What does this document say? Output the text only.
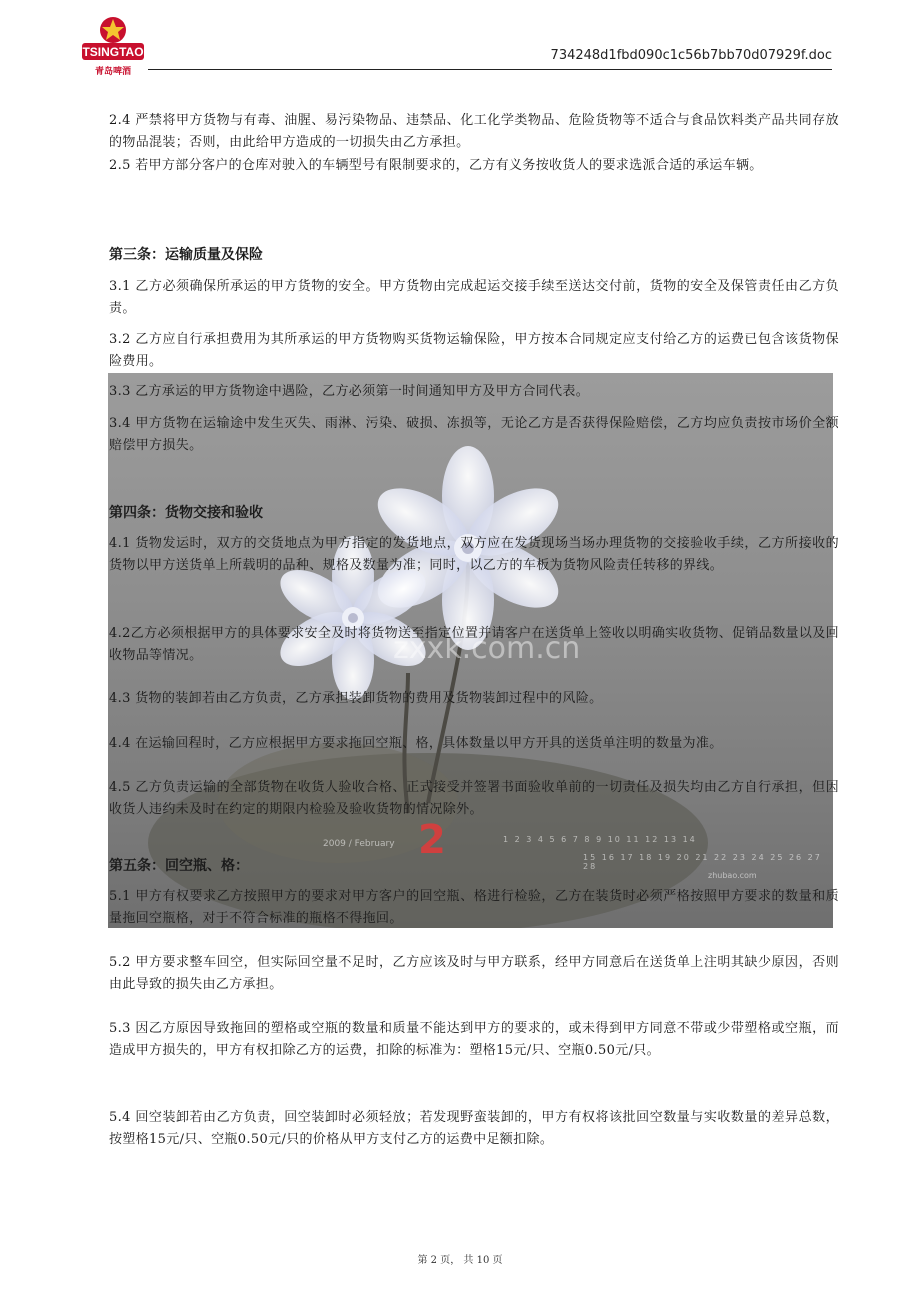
TSINGTAO
青岛啤酒
734248d1fbd090c1c56b7bb70d07929f.doc
2
zxxk.com.cn
2009 / February	1 2 3 4 5 6 7 8 9 10 11 12 13 14
15 16 17 18 19 20 21 22 23 24 25 26 27 28
zhubao.com

2.4 严禁将甲方货物与有毒、油腥、易污染物品、违禁品、化工化学类物品、危险货物等不适合与食品饮料类产品共同存放的物品混装；否则，由此给甲方造成的一切损失由乙方承担。

2.5 若甲方部分客户的仓库对驶入的车辆型号有限制要求的，乙方有义务按收货人的要求选派合适的承运车辆。

第三条：运输质量及保险

3.1 乙方必须确保所承运的甲方货物的安全。甲方货物由完成起运交接手续至送达交付前，货物的安全及保管责任由乙方负责。

3.2 乙方应自行承担费用为其所承运的甲方货物购买货物运输保险，甲方按本合同规定应支付给乙方的运费已包含该货物保险费用。

3.3 乙方承运的甲方货物途中遇险，乙方必须第一时间通知甲方及甲方合同代表。

3.4 甲方货物在运输途中发生灭失、雨淋、污染、破损、冻损等，无论乙方是否获得保险赔偿，乙方均应负责按市场价全额赔偿甲方损失。

第四条：货物交接和验收

4.1 货物发运时，双方的交货地点为甲方指定的发货地点，双方应在发货现场当场办理货物的交接验收手续，乙方所接收的货物以甲方送货单上所载明的品种、规格及数量为准；同时，以乙方的车板为货物风险责任转移的界线。

4.2乙方必须根据甲方的具体要求安全及时将货物送至指定位置并请客户在送货单上签收以明确实收货物、促销品数量以及回收物品等情况。

4.3 货物的装卸若由乙方负责，乙方承担装卸货物的费用及货物装卸过程中的风险。

4.4 在运输回程时，乙方应根据甲方要求拖回空瓶、格，具体数量以甲方开具的送货单注明的数量为准。

4.5 乙方负责运输的全部货物在收货人验收合格、正式接受并签署书面验收单前的一切责任及损失均由乙方自行承担，但因收货人违约未及时在约定的期限内检验及验收货物的情况除外。

第五条：回空瓶、格：

5.1 甲方有权要求乙方按照甲方的要求对甲方客户的回空瓶、格进行检验，乙方在装货时必须严格按照甲方要求的数量和质量拖回空瓶格，对于不符合标准的瓶格不得拖回。

5.2 甲方要求整车回空，但实际回空量不足时，乙方应该及时与甲方联系，经甲方同意后在送货单上注明其缺少原因，否则由此导致的损失由乙方承担。

5.3 因乙方原因导致拖回的塑格或空瓶的数量和质量不能达到甲方的要求的，或未得到甲方同意不带或少带塑格或空瓶，而造成甲方损失的，甲方有权扣除乙方的运费，扣除的标准为：塑格15元/只、空瓶0.50元/只。

5.4 回空装卸若由乙方负责，回空装卸时必须轻放；若发现野蛮装卸的，甲方有权将该批回空数量与实收数量的差异总数，按塑格15元/只、空瓶0.50元/只的价格从甲方支付乙方的运费中足额扣除。

第 2 页， 共 10 页
